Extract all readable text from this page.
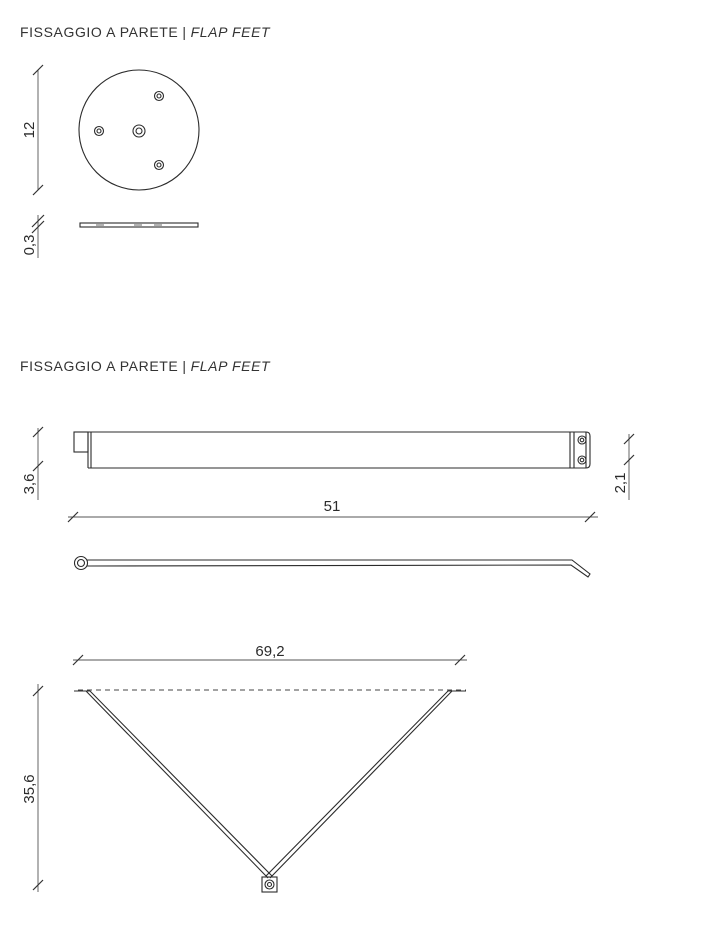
FISSAGGIO A PARETE | FLAP FEET
FISSAGGIO A PARETE | FLAP FEET
12
0,3
3,6	2,1
51
69,2
35,6
